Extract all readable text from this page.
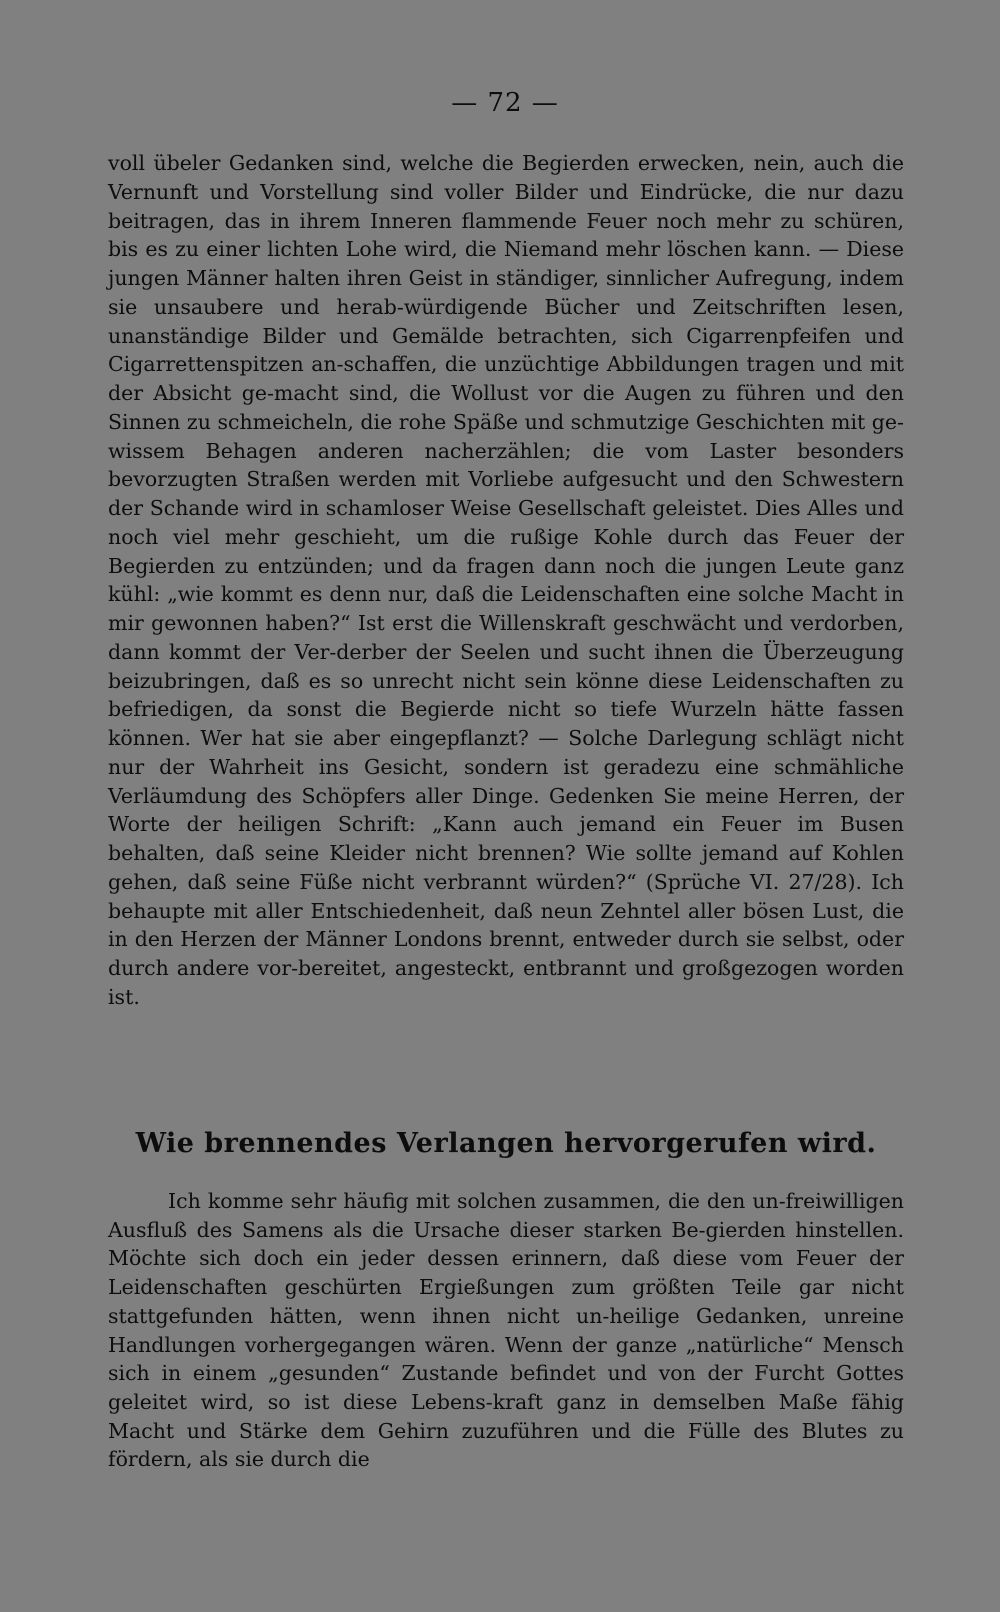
— 72 —

voll übeler Gedanken sind, welche die Begierden erwecken, nein, auch die Vernunft und Vorstellung sind voller Bilder und Eindrücke, die nur dazu beitragen, das in ihrem Inneren flammende Feuer noch mehr zu schüren, bis es zu einer lichten Lohe wird, die Niemand mehr löschen kann. — Diese jungen Männer halten ihren Geist in ständiger, sinnlicher Aufregung, indem sie unsaubere und herab-würdigende Bücher und Zeitschriften lesen, unanständige Bilder und Gemälde betrachten, sich Cigarrenpfeifen und Cigarrettenspitzen an-schaffen, die unzüchtige Abbildungen tragen und mit der Absicht ge-macht sind, die Wollust vor die Augen zu führen und den Sinnen zu schmeicheln, die rohe Späße und schmutzige Geschichten mit ge-wissem Behagen anderen nacherzählen; die vom Laster besonders bevorzugten Straßen werden mit Vorliebe aufgesucht und den Schwestern der Schande wird in schamloser Weise Gesellschaft geleistet. Dies Alles und noch viel mehr geschieht, um die rußige Kohle durch das Feuer der Begierden zu entzünden; und da fragen dann noch die jungen Leute ganz kühl: „wie kommt es denn nur, daß die Leidenschaften eine solche Macht in mir gewonnen haben?“ Ist erst die Willenskraft geschwächt und verdorben, dann kommt der Ver-derber der Seelen und sucht ihnen die Überzeugung beizubringen, daß es so unrecht nicht sein könne diese Leidenschaften zu befriedigen, da sonst die Begierde nicht so tiefe Wurzeln hätte fassen können. Wer hat sie aber eingepflanzt? — Solche Darlegung schlägt nicht nur der Wahrheit ins Gesicht, sondern ist geradezu eine schmähliche Verläumdung des Schöpfers aller Dinge. Gedenken Sie meine Herren, der Worte der heiligen Schrift: „Kann auch jemand ein Feuer im Busen behalten, daß seine Kleider nicht brennen? Wie sollte jemand auf Kohlen gehen, daß seine Füße nicht verbrannt würden?“ (Sprüche VI. 27/28). Ich behaupte mit aller Entschiedenheit, daß neun Zehntel aller bösen Lust, die in den Herzen der Männer Londons brennt, entweder durch sie selbst, oder durch andere vor-bereitet, angesteckt, entbrannt und großgezogen worden ist.

Wie brennendes Verlangen hervorgerufen wird.

Ich komme sehr häufig mit solchen zusammen, die den un-freiwilligen Ausfluß des Samens als die Ursache dieser starken Be-gierden hinstellen. Möchte sich doch ein jeder dessen erinnern, daß diese vom Feuer der Leidenschaften geschürten Ergießungen zum größten Teile gar nicht stattgefunden hätten, wenn ihnen nicht un-heilige Gedanken, unreine Handlungen vorhergegangen wären. Wenn der ganze „natürliche“ Mensch sich in einem „gesunden“ Zustande befindet und von der Furcht Gottes geleitet wird, so ist diese Lebens-kraft ganz in demselben Maße fähig Macht und Stärke dem Gehirn zuzuführen und die Fülle des Blutes zu fördern, als sie durch die
